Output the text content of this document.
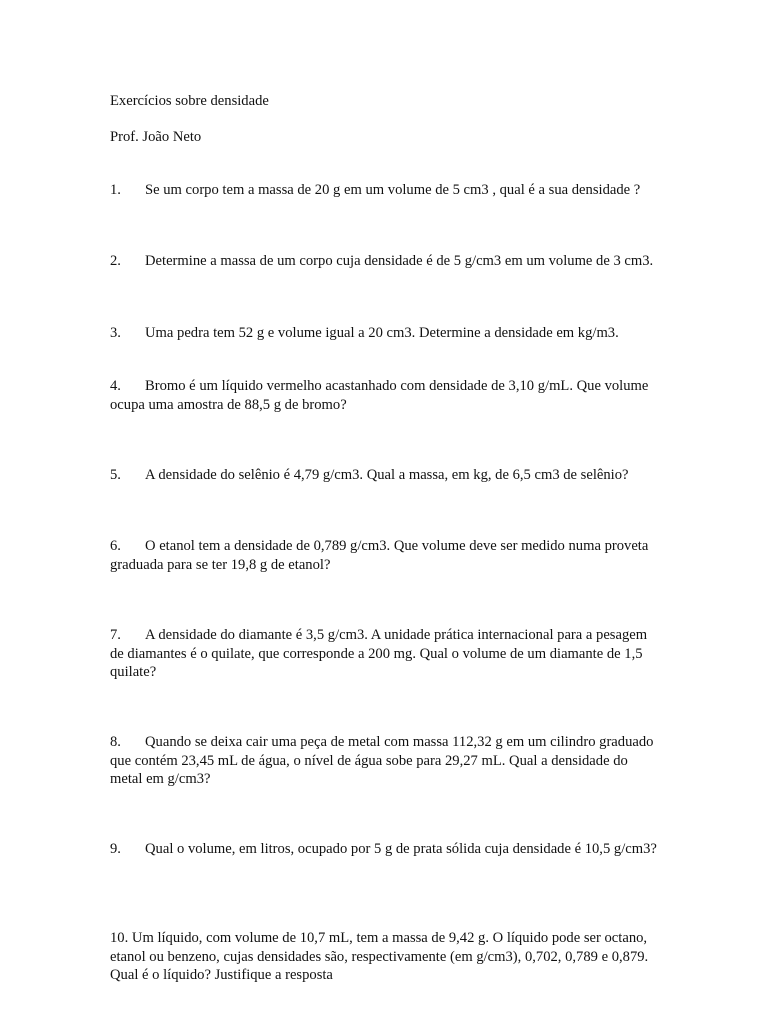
Exercícios sobre densidade
Prof. João Neto
1. Se um corpo tem a massa de 20 g em um volume de 5 cm3 , qual é a sua densidade ?
2. Determine a massa de um corpo cuja densidade é de 5 g/cm3 em um volume de 3 cm3.
3. Uma pedra tem 52 g e volume igual a 20 cm3. Determine a densidade em kg/m3.
4. Bromo é um líquido vermelho acastanhado com densidade de 3,10 g/mL. Que volume ocupa uma amostra de 88,5 g de bromo?
5. A densidade do selênio é 4,79 g/cm3. Qual a massa, em kg, de 6,5 cm3 de selênio?
6. O etanol tem a densidade de 0,789 g/cm3. Que volume deve ser medido numa proveta graduada para se ter 19,8 g de etanol?
7. A densidade do diamante é 3,5 g/cm3. A unidade prática internacional para a pesagem de diamantes é o quilate, que corresponde a 200 mg. Qual o volume de um diamante de 1,5 quilate?
8. Quando se deixa cair uma peça de metal com massa 112,32 g em um cilindro graduado que contém 23,45 mL de água, o nível de água sobe para 29,27 mL. Qual a densidade do metal em g/cm3?
9. Qual o volume, em litros, ocupado por 5 g de prata sólida cuja densidade é 10,5 g/cm3?
10. Um líquido, com volume de 10,7 mL, tem a massa de 9,42 g. O líquido pode ser octano, etanol ou benzeno, cujas densidades são, respectivamente (em g/cm3), 0,702, 0,789 e 0,879. Qual é o líquido? Justifique a resposta
